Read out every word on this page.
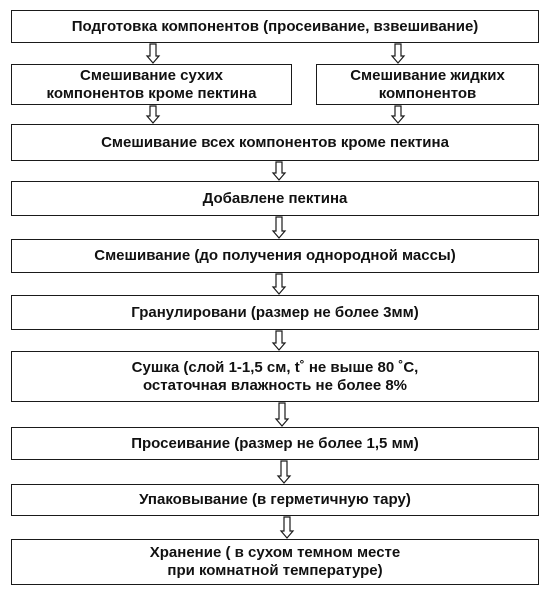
Подготовка компонентов (просеивание, взвешивание)
Смешивание сухих
компонентов кроме пектина
Смешивание жидких
компонентов
Смешивание всех компонентов кроме пектина
Добавлене пектина
Смешивание (до получения однородной массы)
Гранулировани (размер не более 3мм)
Сушка (слой 1-1,5 см, t˚ не выше 80 ˚С,
остаточная влажность не более 8%
Просеивание (размер не более 1,5 мм)
Упаковывание (в герметичную тару)
Хранение ( в сухом темном месте
при комнатной температуре)
